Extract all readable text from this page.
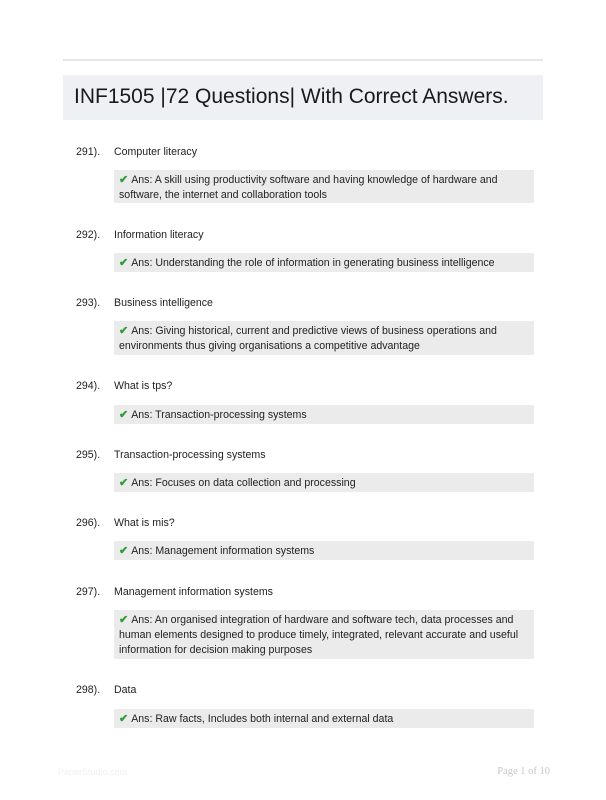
INF1505 |72 Questions| With Correct Answers.
291). Computer literacy
✔ Ans: A skill using productivity software and having knowledge of hardware and software, the internet and collaboration tools
292). Information literacy
✔ Ans: Understanding the role of information in generating business intelligence
293). Business intelligence
✔ Ans: Giving historical, current and predictive views of business operations and environments thus giving organisations a competitive advantage
294). What is tps?
✔ Ans: Transaction-processing systems
295). Transaction-processing systems
✔ Ans: Focuses on data collection and processing
296). What is mis?
✔ Ans: Management information systems
297). Management information systems
✔ Ans: An organised integration of hardware and software tech, data processes and human elements designed to produce timely, integrated, relevant accurate and useful information for decision making purposes
298). Data
✔ Ans: Raw facts, Includes both internal and external data
PaperStudio.com	Page 1 of 10
